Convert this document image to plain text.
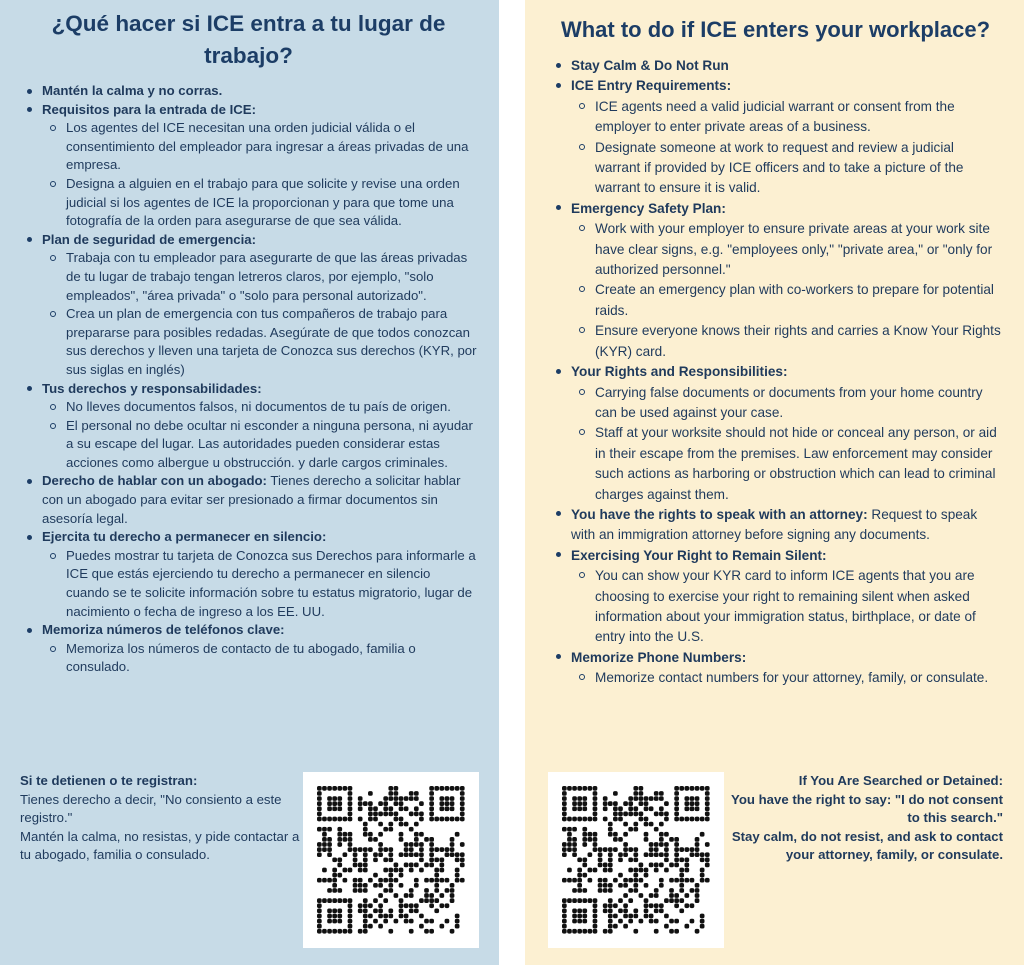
¿Qué hacer si ICE entra a tu lugar de trabajo?
Mantén la calma y no corras.
Requisitos para la entrada de ICE:
Los agentes del ICE necesitan una orden judicial válida o el consentimiento del empleador para ingresar a áreas privadas de una empresa.
Designa a alguien en el trabajo para que solicite y revise una orden judicial si los agentes de ICE la proporcionan y para que tome una fotografía de la orden para asegurarse de que sea válida.
Plan de seguridad de emergencia:
Trabaja con tu empleador para asegurarte de que las áreas privadas de tu lugar de trabajo tengan letreros claros, por ejemplo, "solo empleados", "área privada" o "solo para personal autorizado".
Crea un plan de emergencia con tus compañeros de trabajo para prepararse para posibles redadas. Asegúrate de que todos conozcan sus derechos y lleven una tarjeta de Conozca sus derechos (KYR, por sus siglas en inglés)
Tus derechos y responsabilidades:
No lleves documentos falsos, ni documentos de tu país de origen.
El personal no debe ocultar ni esconder a ninguna persona, ni ayudar a su escape del lugar. Las autoridades pueden considerar estas acciones como albergue u obstrucción. y darle cargos criminales.
Derecho de hablar con un abogado: Tienes derecho a solicitar hablar con un abogado para evitar ser presionado a firmar documentos sin asesoría legal.
Ejercita tu derecho a permanecer en silencio:
Puedes mostrar tu tarjeta de Conozca sus Derechos para informarle a ICE que estás ejerciendo tu derecho a permanecer en silencio cuando se te solicite información sobre tu estatus migratorio, lugar de nacimiento o fecha de ingreso a los EE. UU.
Memoriza números de teléfonos clave:
Memoriza los números de contacto de tu abogado, familia o consulado.
Si te detienen o te registran:
Tienes derecho a decir, "No consiento a este registro."
Mantén la calma, no resistas, y pide contactar a tu abogado, familia o consulado.
What to do if ICE enters your workplace?
Stay Calm & Do Not Run
ICE Entry Requirements:
ICE agents need a valid judicial warrant or consent from the employer to enter private areas of a business.
Designate someone at work to request and review a judicial warrant if provided by ICE officers and to take a picture of the warrant to ensure it is valid.
Emergency Safety Plan:
Work with your employer to ensure private areas at your work site have clear signs, e.g. "employees only," "private area," or "only for authorized personnel."
Create an emergency plan with co-workers to prepare for potential raids.
Ensure everyone knows their rights and carries a Know Your Rights (KYR) card.
Your Rights and Responsibilities:
Carrying false documents or documents from your home country can be used against your case.
Staff at your worksite should not hide or conceal any person, or aid in their escape from the premises. Law enforcement may consider such actions as harboring or obstruction which can lead to criminal charges against them.
You have the rights to speak with an attorney: Request to speak with an immigration attorney before signing any documents.
Exercising Your Right to Remain Silent:
You can show your KYR card to inform ICE agents that you are choosing to exercise your right to remaining silent when asked information about your immigration status, birthplace, or date of entry into the U.S.
Memorize Phone Numbers:
Memorize contact numbers for your attorney, family, or consulate.
If You Are Searched or Detained:
You have the right to say: "I do not consent to this search."
Stay calm, do not resist, and ask to contact your attorney, family, or consulate.
